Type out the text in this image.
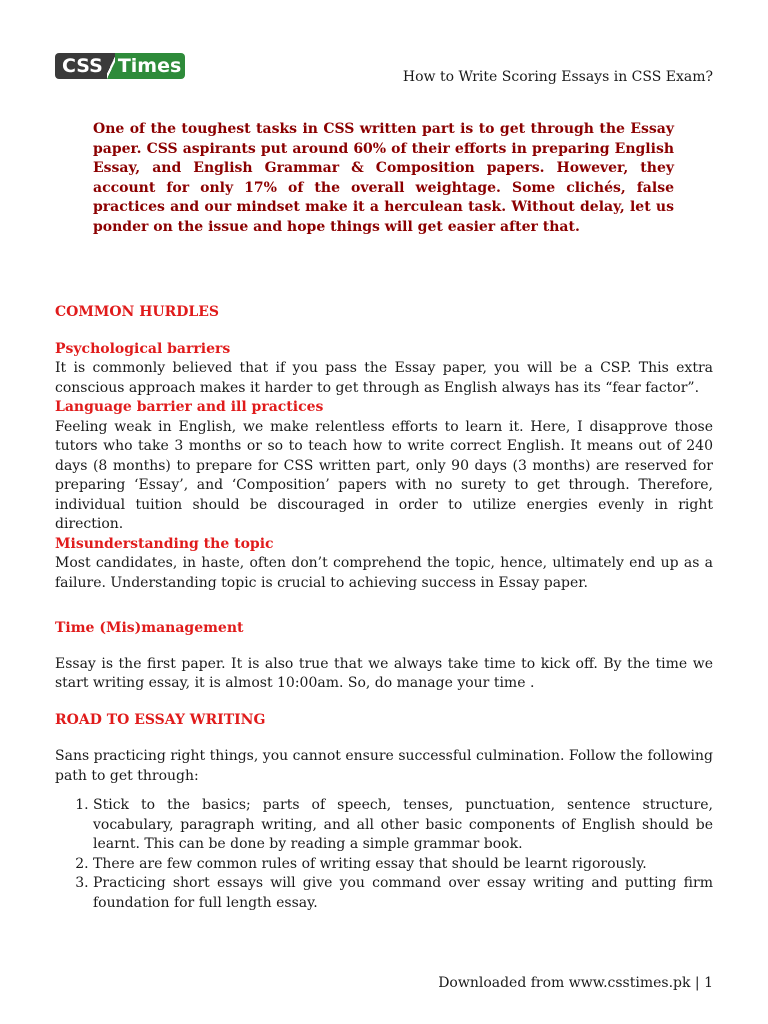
CSS Times	How to Write Scoring Essays in CSS Exam?
One of the toughest tasks in CSS written part is to get through the Essay paper. CSS aspirants put around 60% of their efforts in preparing English Essay, and English Grammar & Composition papers. However, they account for only 17% of the overall weightage. Some clichés, false practices and our mindset make it a herculean task. Without delay, let us ponder on the issue and hope things will get easier after that.
COMMON HURDLES
Psychological barriers

It is commonly believed that if you pass the Essay paper, you will be a CSP. This extra conscious approach makes it harder to get through as English always has its “fear factor”.

Language barrier and ill practices

Feeling weak in English, we make relentless efforts to learn it. Here, I disapprove those tutors who take 3 months or so to teach how to write correct English. It means out of 240 days (8 months) to prepare for CSS written part, only 90 days (3 months) are reserved for preparing ‘Essay’, and ‘Composition’ papers with no surety to get through. Therefore, individual tuition should be discouraged in order to utilize energies evenly in right direction.

Misunderstanding the topic

Most candidates, in haste, often don’t comprehend the topic, hence, ultimately end up as a failure. Understanding topic is crucial to achieving success in Essay paper.

Time (Mis)management

Essay is the first paper. It is also true that we always take time to kick off. By the time we start writing essay, it is almost 10:00am. So, do manage your time .

ROAD TO ESSAY WRITING

Sans practicing right things, you cannot ensure successful culmination. Follow the following path to get through:

1. Stick to the basics; parts of speech, tenses, punctuation, sentence structure, vocabulary, paragraph writing, and all other basic components of English should be learnt. This can be done by reading a simple grammar book.
2. There are few common rules of writing essay that should be learnt rigorously.
3. Practicing short essays will give you command over essay writing and putting firm foundation for full length essay.
Downloaded from www.csstimes.pk | 1
